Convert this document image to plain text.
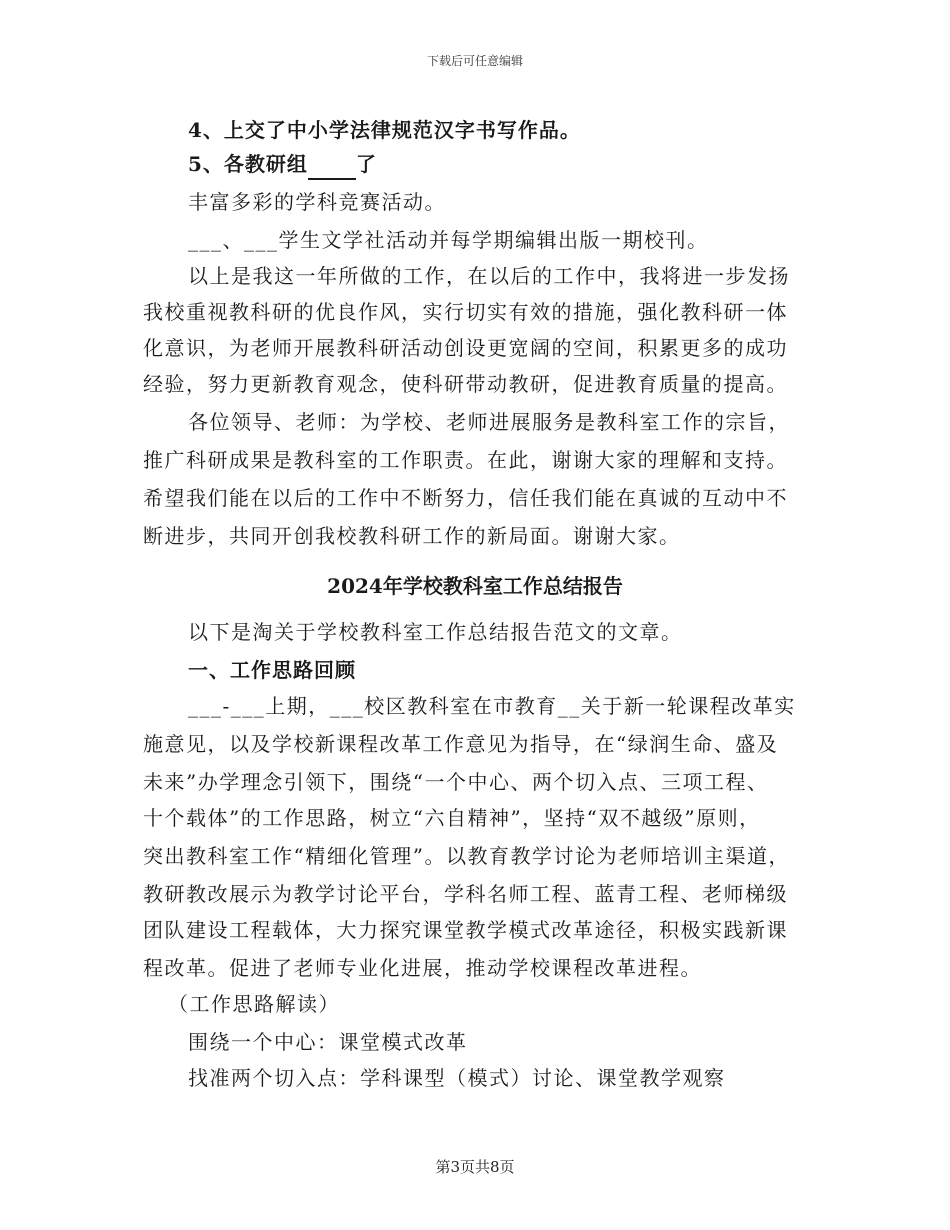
下载后可任意编辑
4、上交了中小学法律规范汉字书写作品。
5、各教研组 了
丰富多彩的学科竞赛活动。
___、___学生文学社活动并每学期编辑出版一期校刊。
以上是我这一年所做的工作，在以后的工作中，我将进一步发扬
我校重视教科研的优良作风，实行切实有效的措施，强化教科研一体
化意识，为老师开展教科研活动创设更宽阔的空间，积累更多的成功
经验，努力更新教育观念，使科研带动教研，促进教育质量的提高。
各位领导、老师：为学校、老师进展服务是教科室工作的宗旨，
推广科研成果是教科室的工作职责。在此，谢谢大家的理解和支持。
希望我们能在以后的工作中不断努力，信任我们能在真诚的互动中不
断进步，共同开创我校教科研工作的新局面。谢谢大家。
2024年学校教科室工作总结报告
以下是淘关于学校教科室工作总结报告范文的文章。
一、工作思路回顾
___-___上期，___校区教科室在市教育__关于新一轮课程改革实
施意见，以及学校新课程改革工作意见为指导，在“绿润生命、盛及
未来”办学理念引领下，围绕“一个中心、两个切入点、三项工程、
十个载体”的工作思路，树立“六自精神”，坚持“双不越级”原则，
突出教科室工作“精细化管理”。以教育教学讨论为老师培训主渠道，
教研教改展示为教学讨论平台，学科名师工程、蓝青工程、老师梯级
团队建设工程载体，大力探究课堂教学模式改革途径，积极实践新课
程改革。促进了老师专业化进展，推动学校课程改革进程。
（工作思路解读）
围绕一个中心：课堂模式改革
找准两个切入点：学科课型（模式）讨论、课堂教学观察
第3页共8页
